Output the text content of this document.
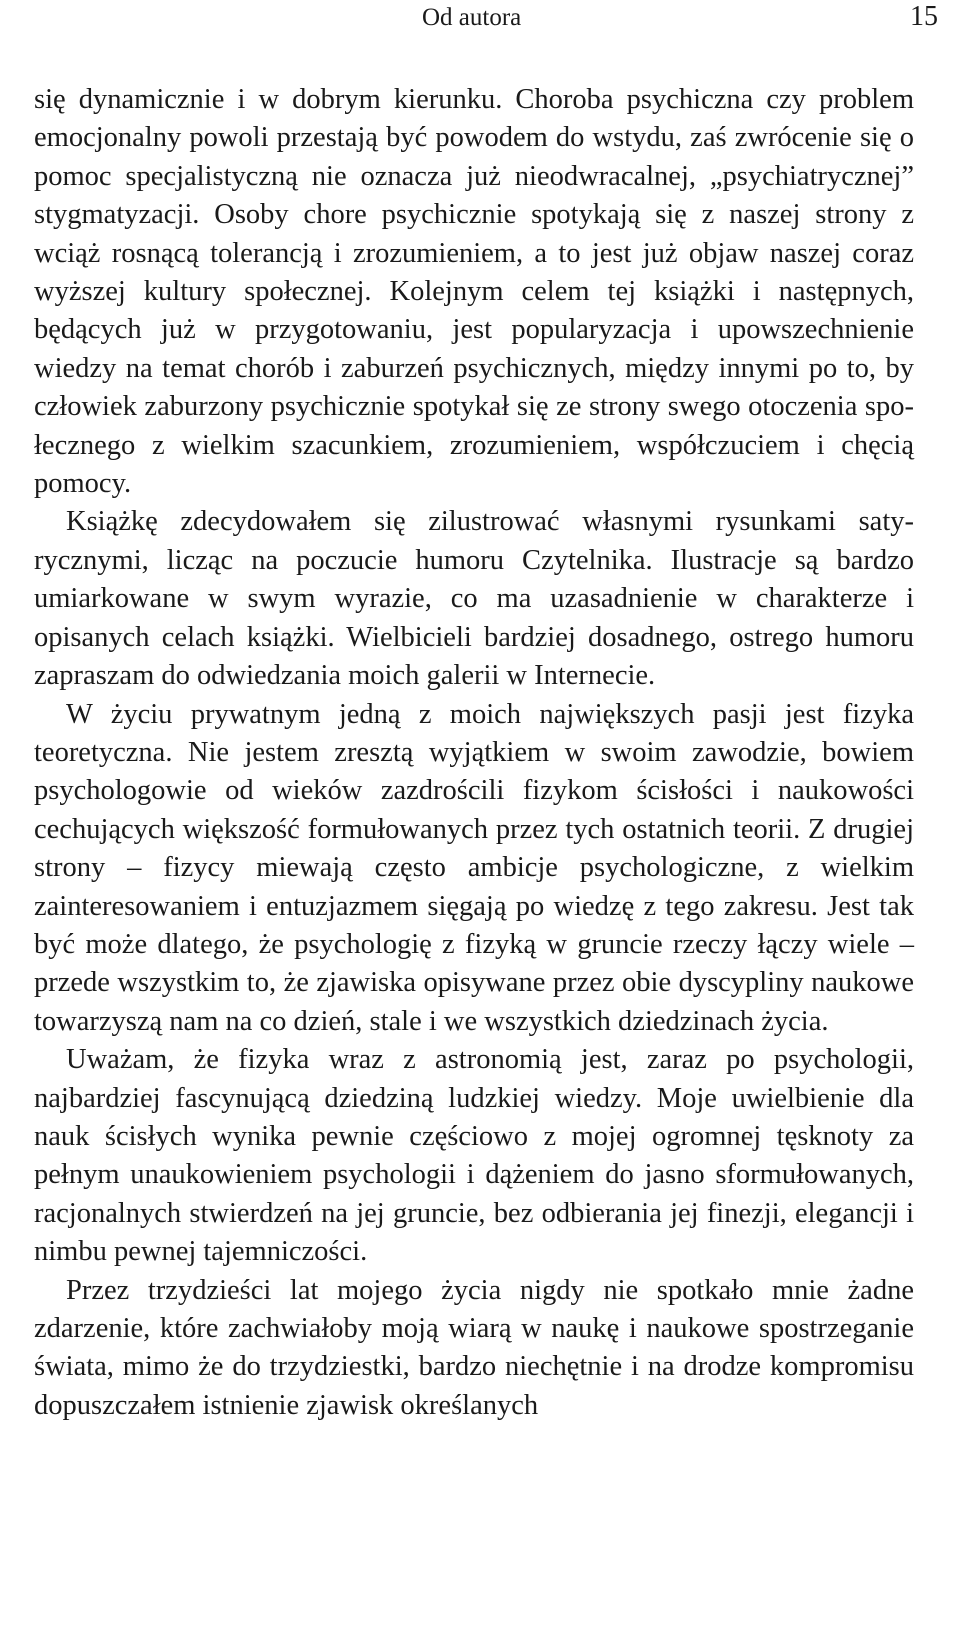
Od autora	15

się dynamicznie i w dobrym kierunku. Choroba psychiczna czy problem emocjonalny powoli przestają być powodem do wstydu, zaś zwrócenie się o pomoc specjalistyczną nie oznacza już nieodwracalnej, „psychiatrycznej” stygmatyzacji. Osoby chore psychicznie spotykają się z naszej strony z wciąż rosnącą tolerancją i zrozumieniem, a to jest już objaw naszej coraz wyższej kultury społecznej. Kolejnym celem tej książki i następnych, będących już w przygotowaniu, jest popularyzacja i upowszechnienie wiedzy na temat chorób i zaburzeń psychicznych, między innymi po to, by człowiek zaburzony psychicznie spotykał się ze strony swego otoczenia społecznego z wielkim szacunkiem, zrozumieniem, współczuciem i chęcią pomocy.

Książkę zdecydowałem się zilustrować własnymi rysunkami satyrycznymi, licząc na poczucie humoru Czytelnika. Ilustracje są bardzo umiarkowane w swym wyrazie, co ma uzasadnienie w charakterze i opisanych celach książki. Wielbicieli bardziej dosadnego, ostrego humoru zapraszam do odwiedzania moich galerii w Internecie.

W życiu prywatnym jedną z moich największych pasji jest fizyka teoretyczna. Nie jestem zresztą wyjątkiem w swoim zawodzie, bowiem psychologowie od wieków zazdrościli fizykom ścisłości i naukowości cechujących większość formułowanych przez tych ostatnich teorii. Z drugiej strony – fizycy miewają często ambicje psychologiczne, z wielkim zainteresowaniem i entuzjazmem sięgają po wiedzę z tego zakresu. Jest tak być może dlatego, że psychologię z fizyką w gruncie rzeczy łączy wiele – przede wszystkim to, że zjawiska opisywane przez obie dyscypliny naukowe towarzyszą nam na co dzień, stale i we wszystkich dziedzinach życia.

Uważam, że fizyka wraz z astronomią jest, zaraz po psychologii, najbardziej fascynującą dziedziną ludzkiej wiedzy. Moje uwielbienie dla nauk ścisłych wynika pewnie częściowo z mojej ogromnej tęsknoty za pełnym unaukowieniem psychologii i dążeniem do jasno sformułowanych, racjonalnych stwierdzeń na jej gruncie, bez odbierania jej finezji, elegancji i nimbu pewnej tajemniczości.

Przez trzydzieści lat mojego życia nigdy nie spotkało mnie żadne zdarzenie, które zachwiałoby moją wiarą w naukę i naukowe spostrzeganie świata, mimo że do trzydziestki, bardzo niechętnie i na drodze kompromisu dopuszczałem istnienie zjawisk określanych
